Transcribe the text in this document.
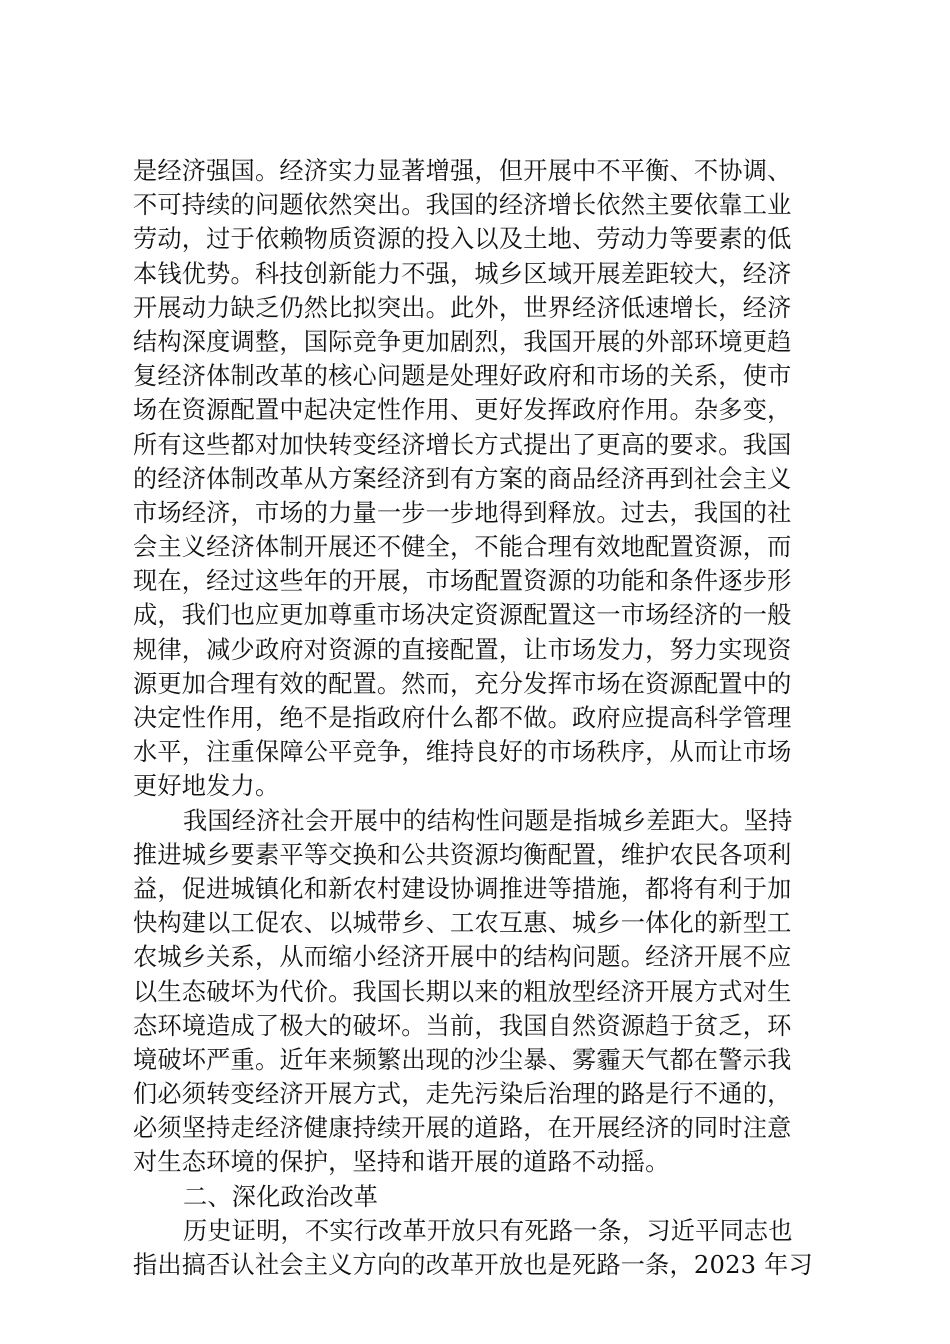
是经济强国。经济实力显著增强，但开展中不平衡、不协调、
不可持续的问题依然突出。我国的经济增长依然主要依靠工业
劳动，过于依赖物质资源的投入以及土地、劳动力等要素的低
本钱优势。科技创新能力不强，城乡区域开展差距较大，经济
开展动力缺乏仍然比拟突出。此外，世界经济低速增长，经济
结构深度调整，国际竞争更加剧烈，我国开展的外部环境更趋
复经济体制改革的核心问题是处理好政府和市场的关系，使市
场在资源配置中起决定性作用、更好发挥政府作用。杂多变，
所有这些都对加快转变经济增长方式提出了更高的要求。我国
的经济体制改革从方案经济到有方案的商品经济再到社会主义
市场经济，市场的力量一步一步地得到释放。过去，我国的社
会主义经济体制开展还不健全，不能合理有效地配置资源，而
现在，经过这些年的开展，市场配置资源的功能和条件逐步形
成，我们也应更加尊重市场决定资源配置这一市场经济的一般
规律，减少政府对资源的直接配置，让市场发力，努力实现资
源更加合理有效的配置。然而，充分发挥市场在资源配置中的
决定性作用，绝不是指政府什么都不做。政府应提高科学管理
水平，注重保障公平竞争，维持良好的市场秩序，从而让市场
更好地发力。
我国经济社会开展中的结构性问题是指城乡差距大。坚持
推进城乡要素平等交换和公共资源均衡配置，维护农民各项利
益，促进城镇化和新农村建设协调推进等措施，都将有利于加
快构建以工促农、以城带乡、工农互惠、城乡一体化的新型工
农城乡关系，从而缩小经济开展中的结构问题。经济开展不应
以生态破坏为代价。我国长期以来的粗放型经济开展方式对生
态环境造成了极大的破坏。当前，我国自然资源趋于贫乏，环
境破坏严重。近年来频繁出现的沙尘暴、雾霾天气都在警示我
们必须转变经济开展方式，走先污染后治理的路是行不通的，
必须坚持走经济健康持续开展的道路，在开展经济的同时注意
对生态环境的保护，坚持和谐开展的道路不动摇。
二、深化政治改革
历史证明，不实行改革开放只有死路一条，习近平同志也
指出搞否认社会主义方向的改革开放也是死路一条，2023 年习
